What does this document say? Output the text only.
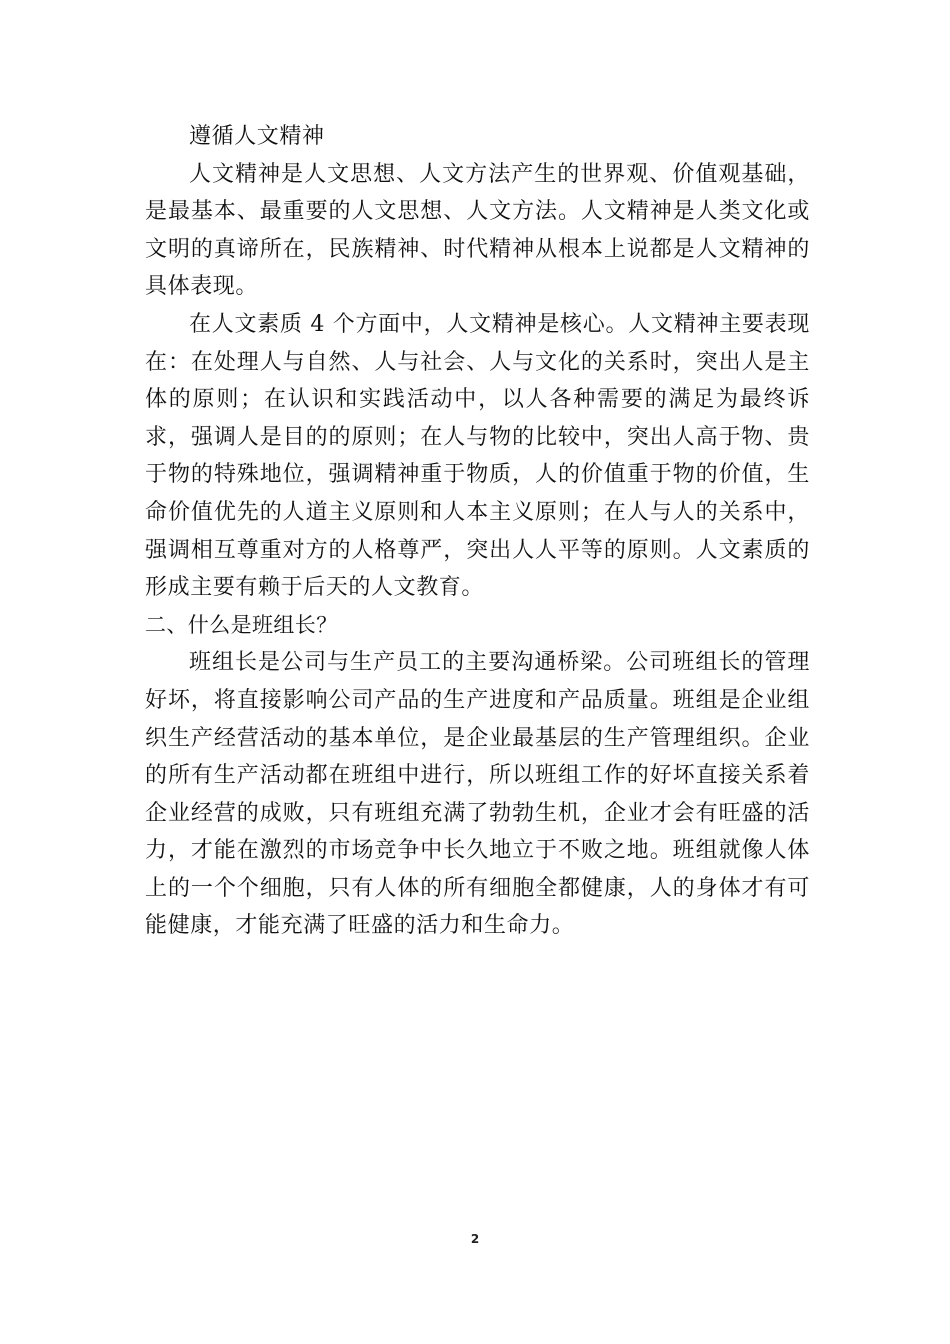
遵循人文精神

人文精神是人文思想、人文方法产生的世界观、价值观基础，是最基本、最重要的人文思想、人文方法。人文精神是人类文化或文明的真谛所在，民族精神、时代精神从根本上说都是人文精神的具体表现。

在人文素质 4 个方面中，人文精神是核心。人文精神主要表现在：在处理人与自然、人与社会、人与文化的关系时，突出人是主体的原则；在认识和实践活动中，以人各种需要的满足为最终诉求，强调人是目的的原则；在人与物的比较中，突出人高于物、贵于物的特殊地位，强调精神重于物质，人的价值重于物的价值，生命价值优先的人道主义原则和人本主义原则；在人与人的关系中，强调相互尊重对方的人格尊严，突出人人平等的原则。人文素质的形成主要有赖于后天的人文教育。

二、什么是班组长？

班组长是公司与生产员工的主要沟通桥梁。公司班组长的管理好坏，将直接影响公司产品的生产进度和产品质量。班组是企业组织生产经营活动的基本单位，是企业最基层的生产管理组织。企业的所有生产活动都在班组中进行，所以班组工作的好坏直接关系着企业经营的成败，只有班组充满了勃勃生机，企业才会有旺盛的活力，才能在激烈的市场竞争中长久地立于不败之地。班组就像人体上的一个个细胞，只有人体的所有细胞全都健康，人的身体才有可能健康，才能充满了旺盛的活力和生命力。

2
